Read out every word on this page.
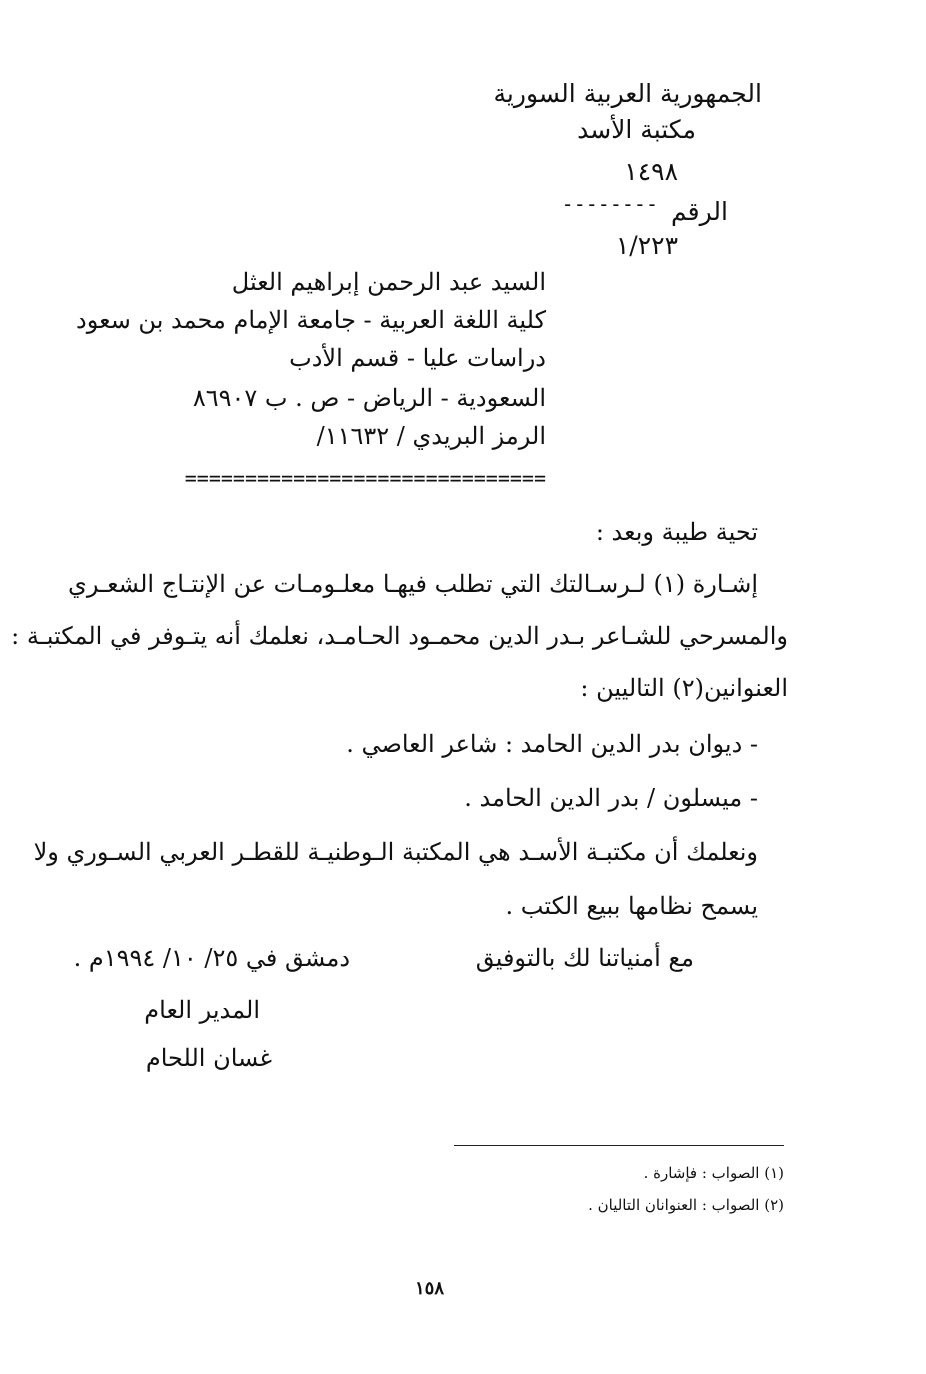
الجمهورية العربية السورية
مكتبة الأسد
١٤٩٨
الرقم
--------
١/٢٢٣
السيد عبد الرحمن إبراهيم العثل
كلية اللغة العربية - جامعة الإمام محمد بن سعود
دراسات عليا - قسم الأدب
السعودية - الرياض - ص . ب ٨٦٩٠٧
الرمز البريدي / ١١٦٣٢/
==============================
تحية طيبة وبعد :
إشـارة (١) لـرسـالتك التي تطلب فيهـا معلـومـات عن الإنتـاج الشعـري
والمسرحي للشـاعر بـدر الدين محمـود الحـامـد، نعلمك أنه يتـوفر في المكتبـة :
العنوانين(٢) التاليين :
- ديوان بدر الدين الحامد : شاعر العاصي .
- ميسلون / بدر الدين الحامد .
ونعلمك أن مكتبـة الأسـد هي المكتبة الـوطنيـة للقطـر العربي السـوري ولا
يسمح نظامها ببيع الكتب .
مع أمنياتنا لك بالتوفيق
دمشق في ٢٥/ ١٠/ ١٩٩٤م .
المدير العام
غسان اللحام
(١) الصواب : فإشارة .
(٢) الصواب : العنوانان التاليان .
١٥٨
